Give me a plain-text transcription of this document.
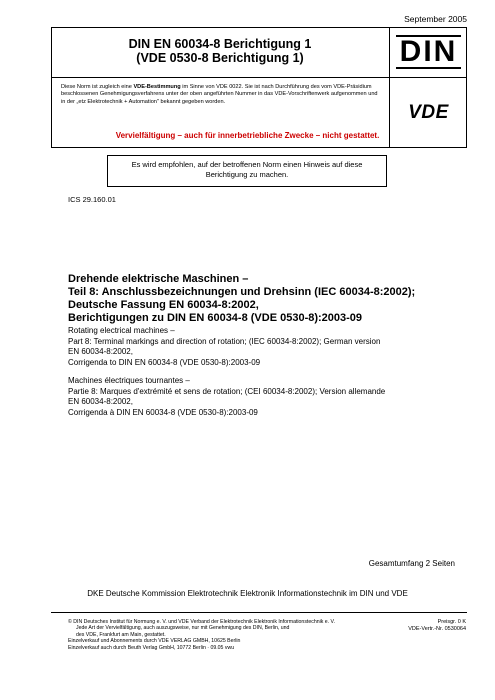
September 2005
DIN EN 60034-8 Berichtigung 1
(VDE 0530-8 Berichtigung 1)	DIN

Diese Norm ist zugleich eine VDE-Bestimmung im Sinne von VDE 0022. Sie ist nach Durchführung des vom VDE-Präsidium beschlossenen Genehmigungsverfahrens unter der oben angeführten Nummer in das VDE-Vorschriftenwerk aufgenommen und in der „etz Elektrotechnik + Automation" bekannt gegeben worden.

VDE
Vervielfältigung – auch für innerbetriebliche Zwecke – nicht gestattet.
Es wird empfohlen, auf der betroffenen Norm einen Hinweis auf diese
Berichtigung zu machen.
ICS 29.160.01
Drehende elektrische Maschinen –
Teil 8: Anschlussbezeichnungen und Drehsinn (IEC 60034-8:2002);
Deutsche Fassung EN 60034-8:2002,
Berichtigungen zu DIN EN 60034-8 (VDE 0530-8):2003-09
Rotating electrical machines –
Part 8: Terminal markings and direction of rotation; (IEC 60034-8:2002); German version
EN 60034-8:2002,
Corrigenda to DIN EN 60034-8 (VDE 0530-8):2003-09
Machines électriques tournantes –
Partie 8: Marques d'extrémité et sens de rotation; (CEI 60034-8:2002); Version allemande
EN 60034-8:2002,
Corrigenda à DIN EN 60034-8 (VDE 0530-8):2003-09
Gesamtumfang 2 Seiten
DKE Deutsche Kommission Elektrotechnik Elektronik Informationstechnik im DIN und VDE
© DIN Deutsches Institut für Normung e. V. und VDE Verband der Elektrotechnik Elektronik Informationstechnik e. V.
Jede Art der Vervielfältigung, auch auszugsweise, nur mit Genehmigung des DIN, Berlin, und
des VDE, Frankfurt am Main, gestattet.
Einzelverkauf und Abonnements durch VDE VERLAG GMBH, 10625 Berlin
Einzelverkauf auch durch Beuth Verlag GmbH, 10772 Berlin · 09.05 vwu
Preisgr. 0 K
VDE-Vertr.-Nr. 0530064
